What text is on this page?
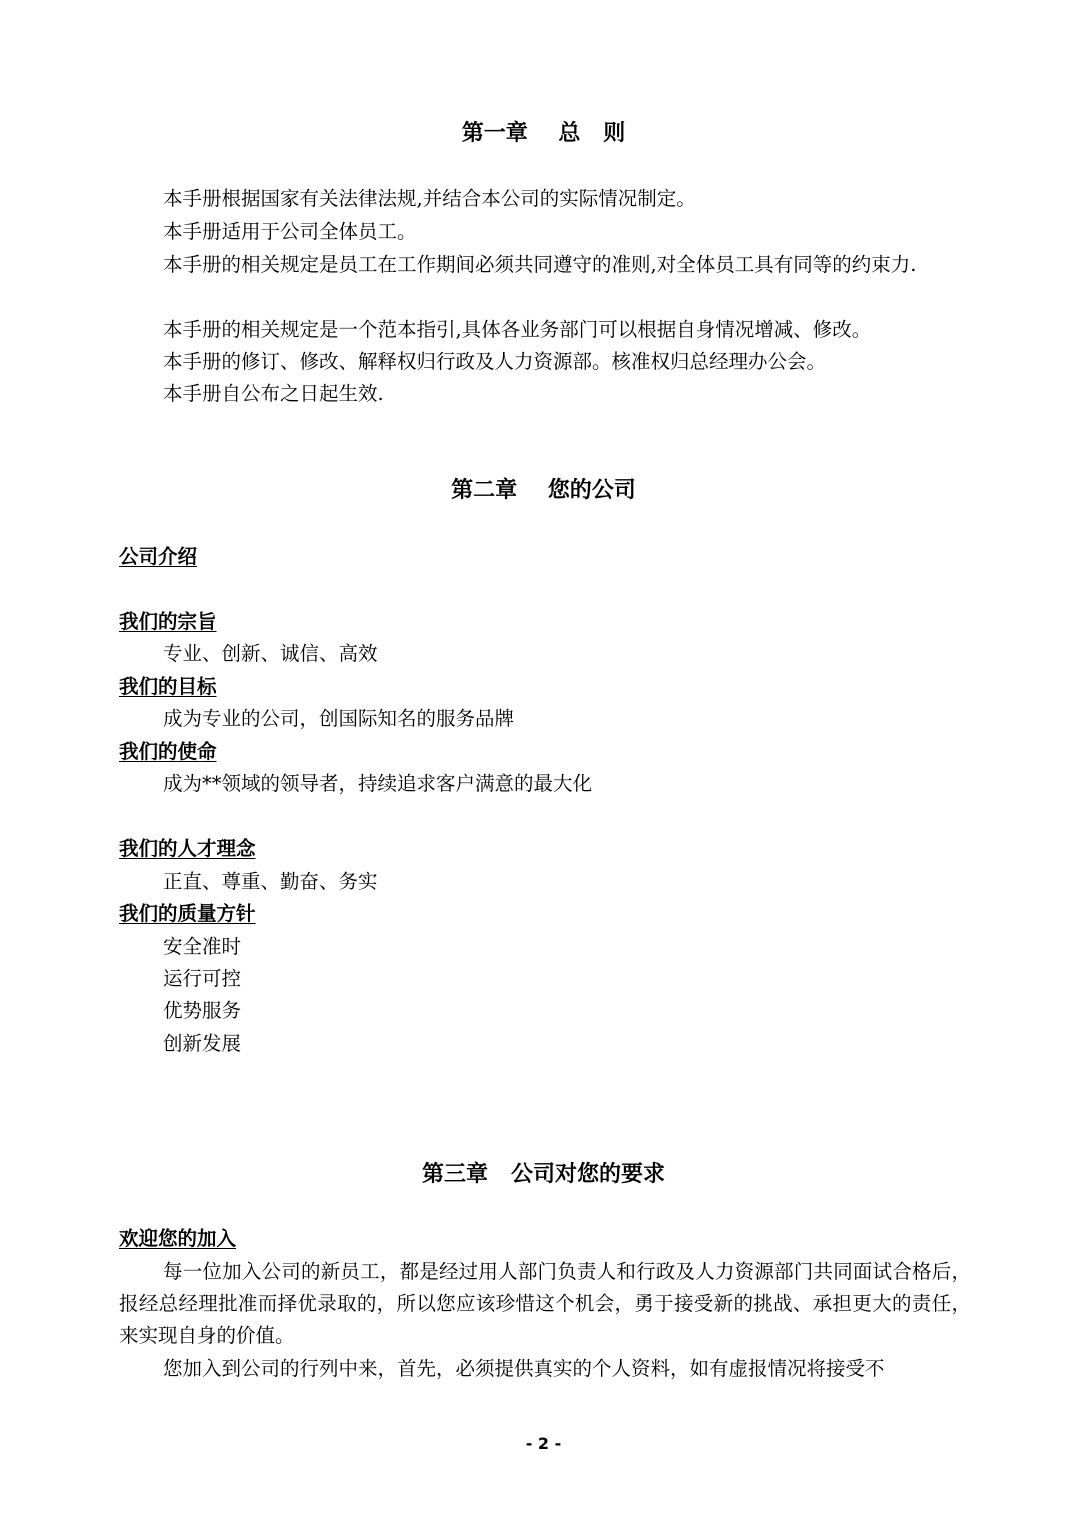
第一章    总   则
本手册根据国家有关法律法规,并结合本公司的实际情况制定。
本手册适用于公司全体员工。
本手册的相关规定是员工在工作期间必须共同遵守的准则,对全体员工具有同等的约束力.
本手册的相关规定是一个范本指引,具体各业务部门可以根据自身情况增减、修改。
本手册的修订、修改、解释权归行政及人力资源部。核准权归总经理办公会。
本手册自公布之日起生效.
第二章    您的公司
公司介绍
我们的宗旨
专业、创新、诚信、高效
我们的目标
成为专业的公司，创国际知名的服务品牌
我们的使命
成为**领域的领导者，持续追求客户满意的最大化
我们的人才理念
正直、尊重、勤奋、务实
我们的质量方针
安全准时
运行可控
优势服务
创新发展
第三章   公司对您的要求
欢迎您的加入
每一位加入公司的新员工，都是经过用人部门负责人和行政及人力资源部门共同面试合格后，报经总经理批准而择优录取的，所以您应该珍惜这个机会，勇于接受新的挑战、承担更大的责任，来实现自身的价值。
您加入到公司的行列中来，首先，必须提供真实的个人资料，如有虚报情况将接受不
- 2 -
